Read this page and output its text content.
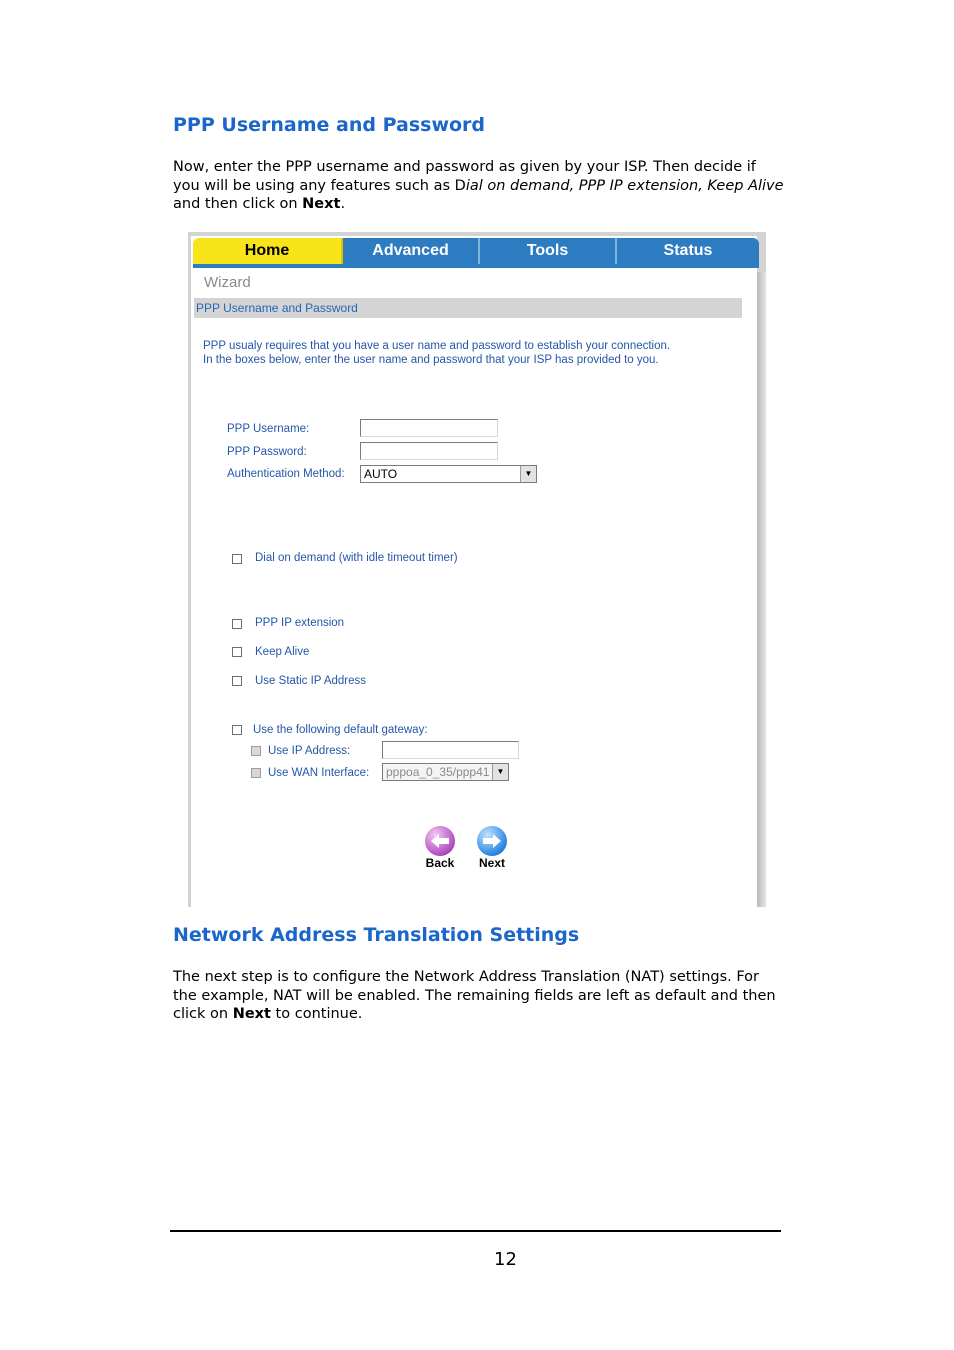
PPP Username and Password

Now, enter the PPP username and password as given by your ISP. Then decide if you will be using any features such as Dial on demand, PPP IP extension, Keep Alive and then click on Next.

Home	Advanced	Tools	Status
Wizard
PPP Username and Password
PPP usualy requires that you have a user name and password to establish your connection.
In the boxes below, enter the user name and password that your ISP has provided to you.
PPP Username:
PPP Password:
Authentication Method:	AUTO	▼
Dial on demand (with idle timeout timer)
PPP IP extension
Keep Alive
Use Static IP Address
Use the following default gateway:
Use IP Address:
Use WAN Interface:	pppoa_0_35/ppp41 ▼
Back	Next
Network Address Translation Settings

The next step is to configure the Network Address Translation (NAT) settings. For the example, NAT will be enabled. The remaining fields are left as default and then click on Next to continue.

12
